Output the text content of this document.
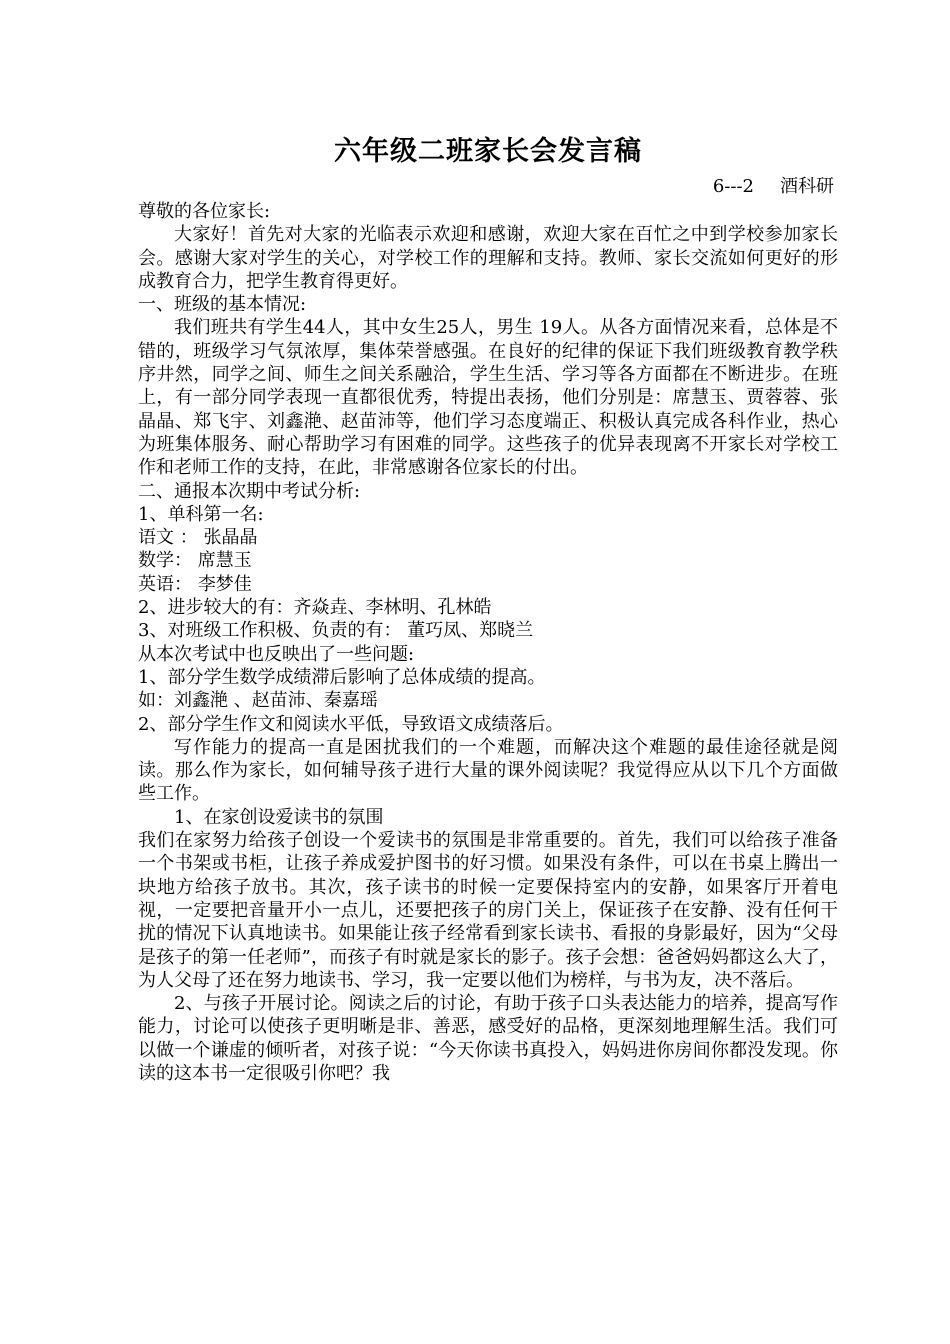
六年级二班家长会发言稿

6---2 酒科研

尊敬的各位家长:

大家好！首先对大家的光临表示欢迎和感谢，欢迎大家在百忙之中到学校参加家长会。感谢大家对学生的关心，对学校工作的理解和支持。教师、家长交流如何更好的形成教育合力，把学生教育得更好。

一、班级的基本情况:

我们班共有学生44人，其中女生25人，男生 19人。从各方面情况来看，总体是不错的，班级学习气氛浓厚，集体荣誉感强。在良好的纪律的保证下我们班级教育教学秩序井然，同学之间、师生之间关系融洽，学生生活、学习等各方面都在不断进步。在班上，有一部分同学表现一直都很优秀，特提出表扬，他们分别是：席慧玉、贾蓉蓉、张晶晶、郑飞宇、刘鑫滟、赵苗沛等，他们学习态度端正、积极认真完成各科作业，热心为班集体服务、耐心帮助学习有困难的同学。这些孩子的优异表现离不开家长对学校工作和老师工作的支持，在此，非常感谢各位家长的付出。

二、通报本次期中考试分析:

1、单科第一名:

语文 ： 张晶晶

数学： 席慧玉

英语： 李梦佳

2、进步较大的有：齐焱垚、李林明、孔林皓

3、对班级工作积极、负责的有： 董巧凤、郑晓兰

从本次考试中也反映出了一些问题:

1、部分学生数学成绩滞后影响了总体成绩的提高。

如：刘鑫滟 、赵苗沛、秦嘉瑶

2、部分学生作文和阅读水平低，导致语文成绩落后。

写作能力的提高一直是困扰我们的一个难题，而解决这个难题的最佳途径就是阅读。那么作为家长，如何辅导孩子进行大量的课外阅读呢？我觉得应从以下几个方面做些工作。

1、在家创设爱读书的氛围

我们在家努力给孩子创设一个爱读书的氛围是非常重要的。首先，我们可以给孩子准备一个书架或书柜，让孩子养成爱护图书的好习惯。如果没有条件，可以在书桌上腾出一块地方给孩子放书。其次，孩子读书的时候一定要保持室内的安静，如果客厅开着电视，一定要把音量开小一点儿，还要把孩子的房门关上，保证孩子在安静、没有任何干扰的情况下认真地读书。如果能让孩子经常看到家长读书、看报的身影最好，因为“父母是孩子的第一任老师”，而孩子有时就是家长的影子。孩子会想：爸爸妈妈都这么大了，为人父母了还在努力地读书、学习，我一定要以他们为榜样，与书为友，决不落后。

2、与孩子开展讨论。阅读之后的讨论，有助于孩子口头表达能力的培养，提高写作能力，讨论可以使孩子更明晰是非、善恶，感受好的品格，更深刻地理解生活。我们可以做一个谦虚的倾听者，对孩子说：“今天你读书真投入，妈妈进你房间你都没发现。你读的这本书一定很吸引你吧？我
